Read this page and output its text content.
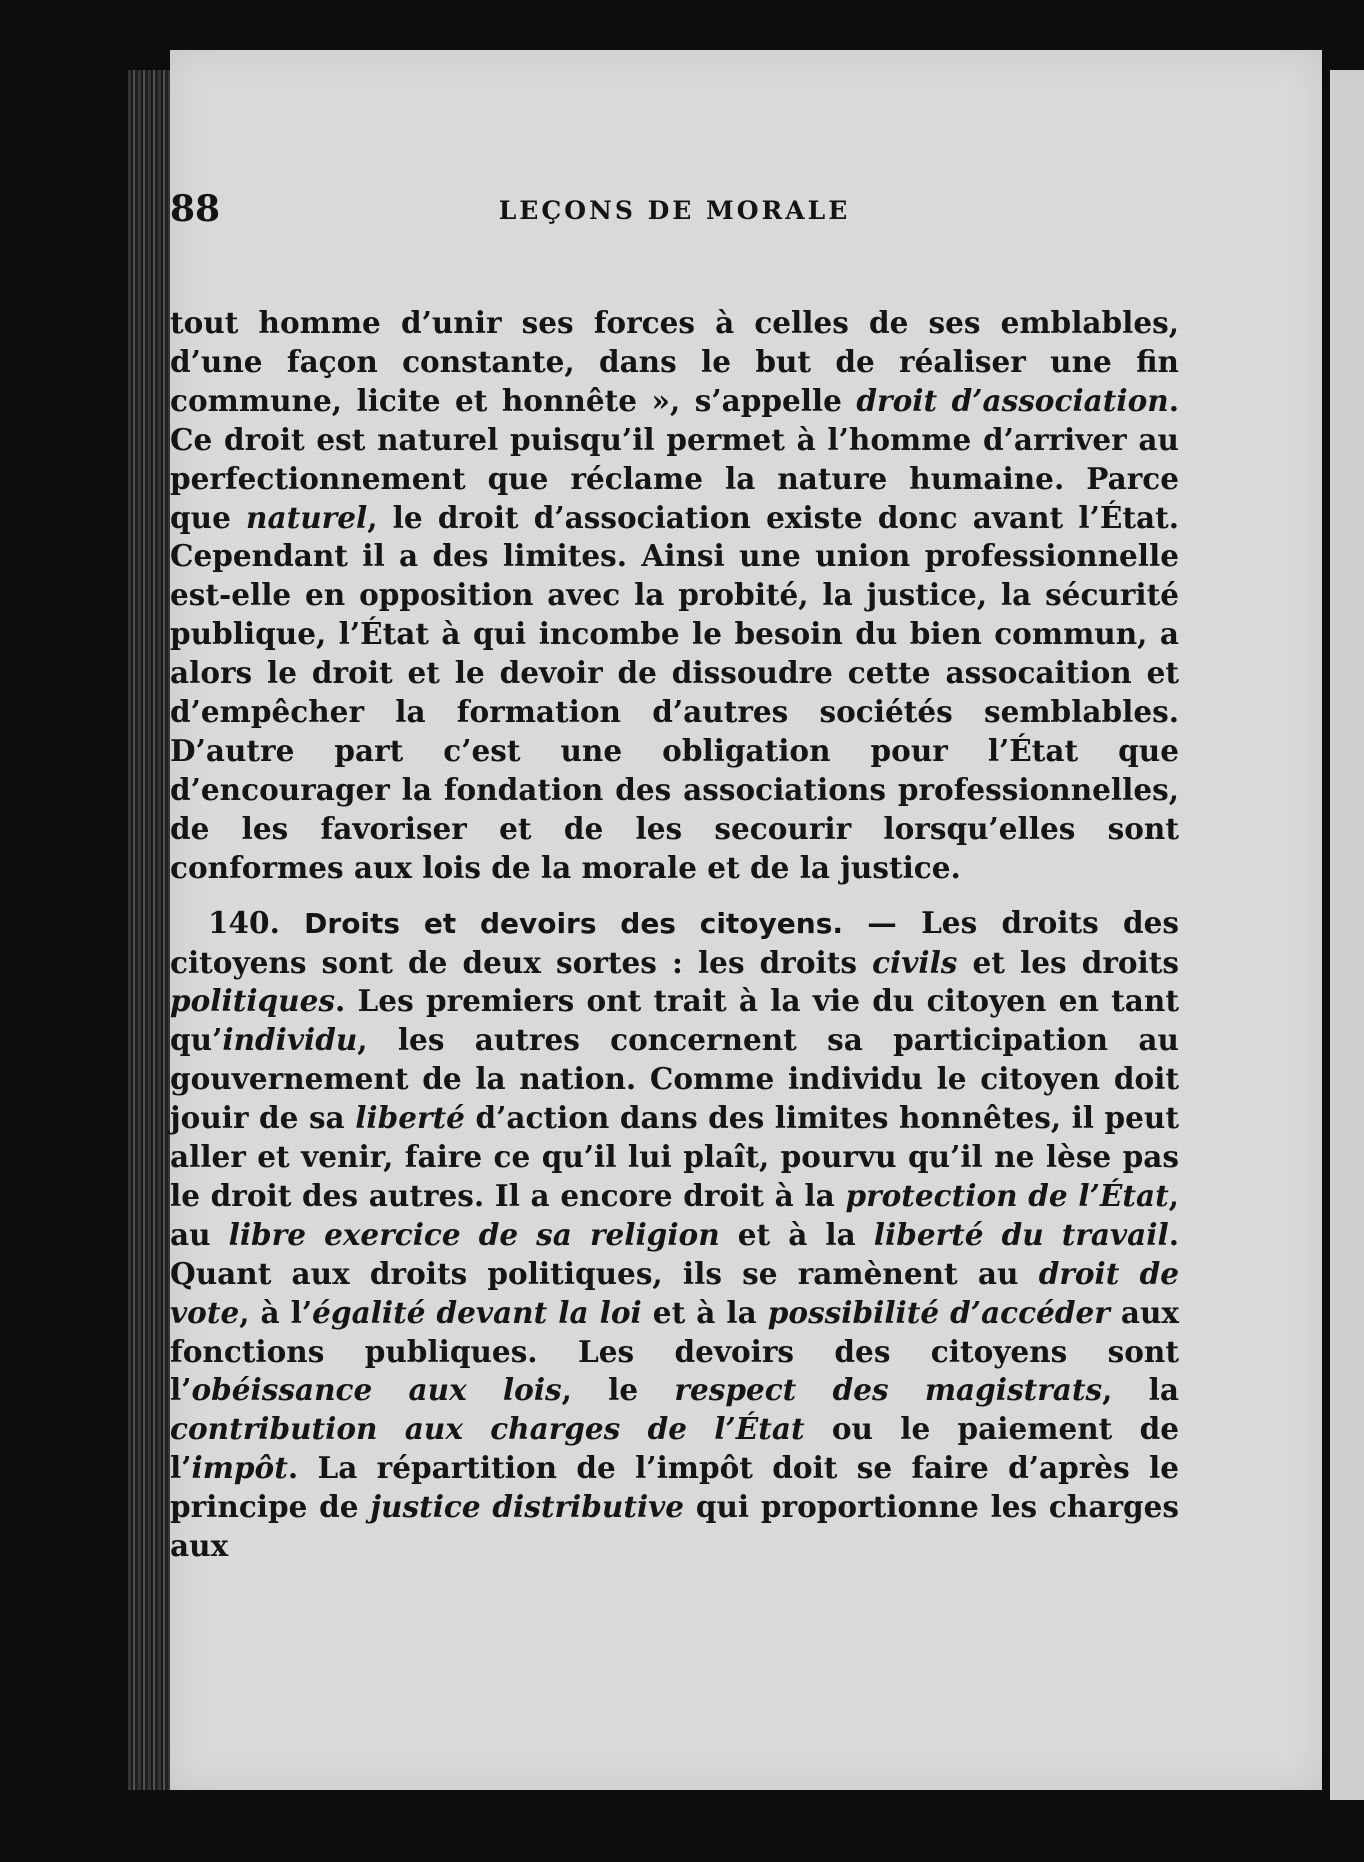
88	LEÇONS DE MORALE

tout homme d’unir ses forces à celles de ses emblables, d’une façon constante, dans le but de réaliser une fin commune, licite et honnête », s’appelle droit d’association. Ce droit est naturel puisqu’il permet à l’homme d’arriver au perfectionnement que réclame la nature humaine. Parce que naturel, le droit d’association existe donc avant l’État. Cependant il a des limites. Ainsi une union professionnelle est-elle en opposition avec la probité, la justice, la sécurité publique, l’État à qui incombe le besoin du bien commun, a alors le droit et le devoir de dissoudre cette assocaition et d’empêcher la formation d’autres sociétés semblables. D’autre part c’est une obligation pour l’État que d’encourager la fondation des associations professionnelles, de les favoriser et de les secourir lorsqu’elles sont conformes aux lois de la morale et de la justice.

140. Droits et devoirs des citoyens. — Les droits des citoyens sont de deux sortes : les droits civils et les droits politiques. Les premiers ont trait à la vie du citoyen en tant qu’individu, les autres concernent sa participation au gouvernement de la nation. Comme individu le citoyen doit jouir de sa liberté d’action dans des limites honnêtes, il peut aller et venir, faire ce qu’il lui plaît, pourvu qu’il ne lèse pas le droit des autres. Il a encore droit à la protection de l’État, au libre exercice de sa religion et à la liberté du travail. Quant aux droits politiques, ils se ramènent au droit de vote, à l’égalité devant la loi et à la possibilité d’accéder aux fonctions publiques. Les devoirs des citoyens sont l’obéissance aux lois, le respect des magistrats, la contribution aux charges de l’État ou le paiement de l’impôt. La répartition de l’impôt doit se faire d’après le principe de justice distributive qui proportionne les charges aux
